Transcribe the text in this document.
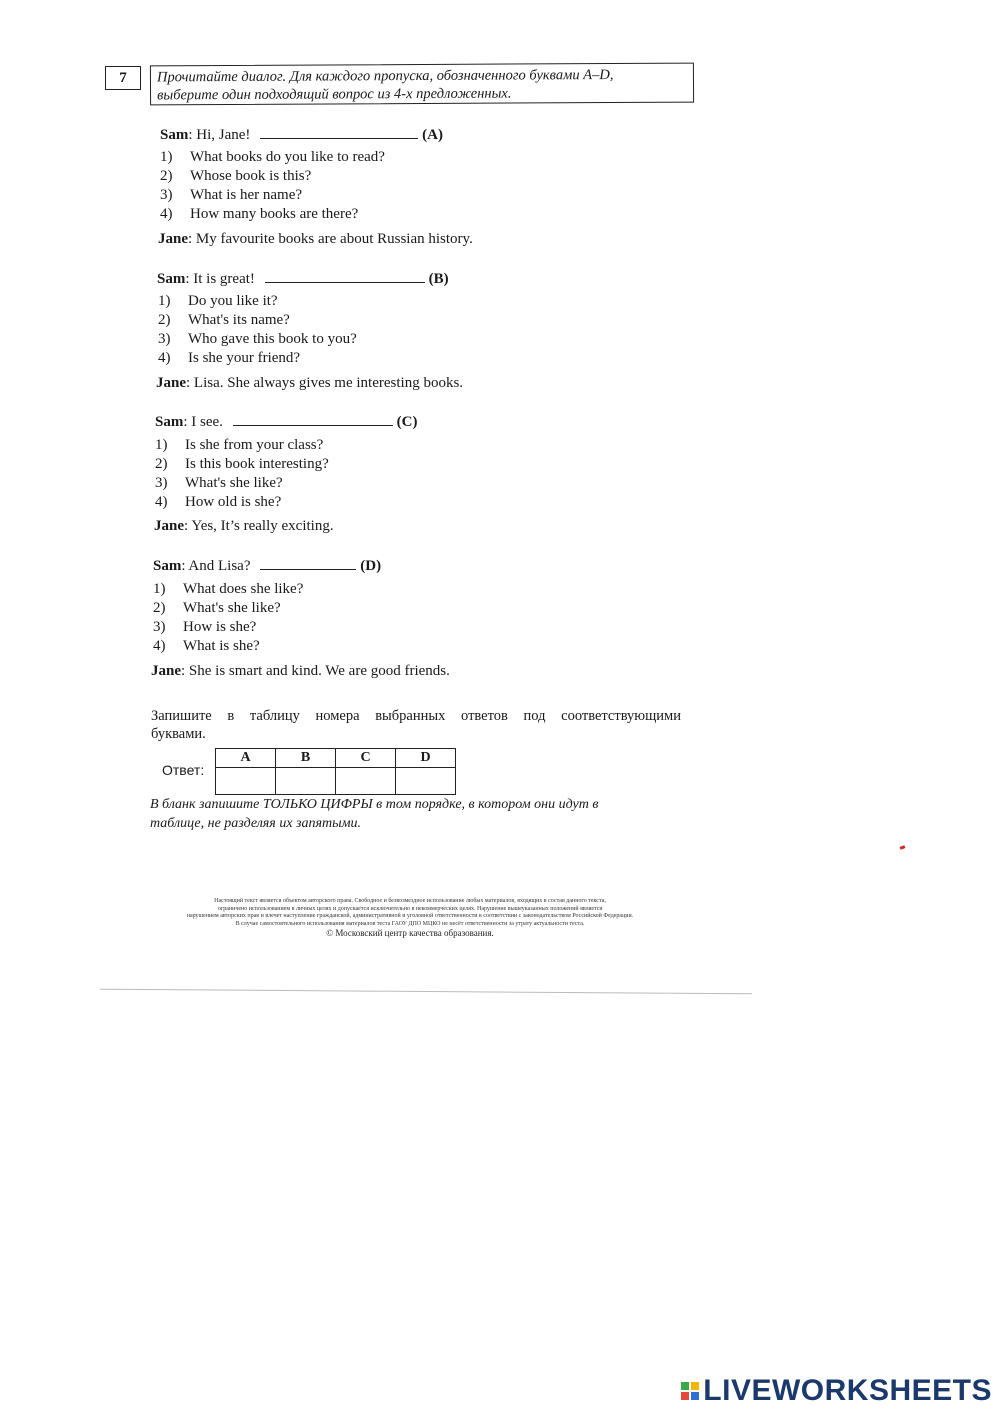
7	Прочитайте диалог. Для каждого пропуска, обозначенного буквами A–D,
выберите один подходящий вопрос из 4-х предложенных.
Sam: Hi, Jane!	(A)
1) What books do you like to read?
2) Whose book is this?
3) What is her name?
4) How many books are there?
Jane: My favourite books are about Russian history.
Sam: It is great!	(B)
1) Do you like it?
2) What's its name?
3) Who gave this book to you?
4) Is she your friend?
Jane: Lisa. She always gives me interesting books.
Sam: I see.	(C)
1) Is she from your class?
2) Is this book interesting?
3) What's she like?
4) How old is she?
Jane: Yes, It’s really exciting.
Sam: And Lisa?	(D)
1) What does she like?
2) What's she like?
3) How is she?
4) What is she?
Jane: She is smart and kind. We are good friends.
Запишите в таблицу номера выбранных ответов под соответствующими
буквами.
Ответ:
A	B	C	D

В бланк запишите ТОЛЬКО ЦИФРЫ в том порядке, в котором они идут в
таблице, не разделяя их запятыми.
Настоящий текст является объектом авторского права. Свободное и безвозмездное использование любых материалов, входящих в состав данного текста,
ограничено использованием в личных целях и допускается исключительно в некоммерческих целях. Нарушение вышеуказанных положений является
нарушением авторских прав и влечет наступление гражданской, административной и уголовной ответственности в соответствии с законодательством Российской Федерации.
В случае самостоятельного использования материалов теста ГАОУ ДПО МЦКО не несёт ответственности за утрату актуальности теста.
© Московский центр качества образования.
LIVEWORKSHEETS
